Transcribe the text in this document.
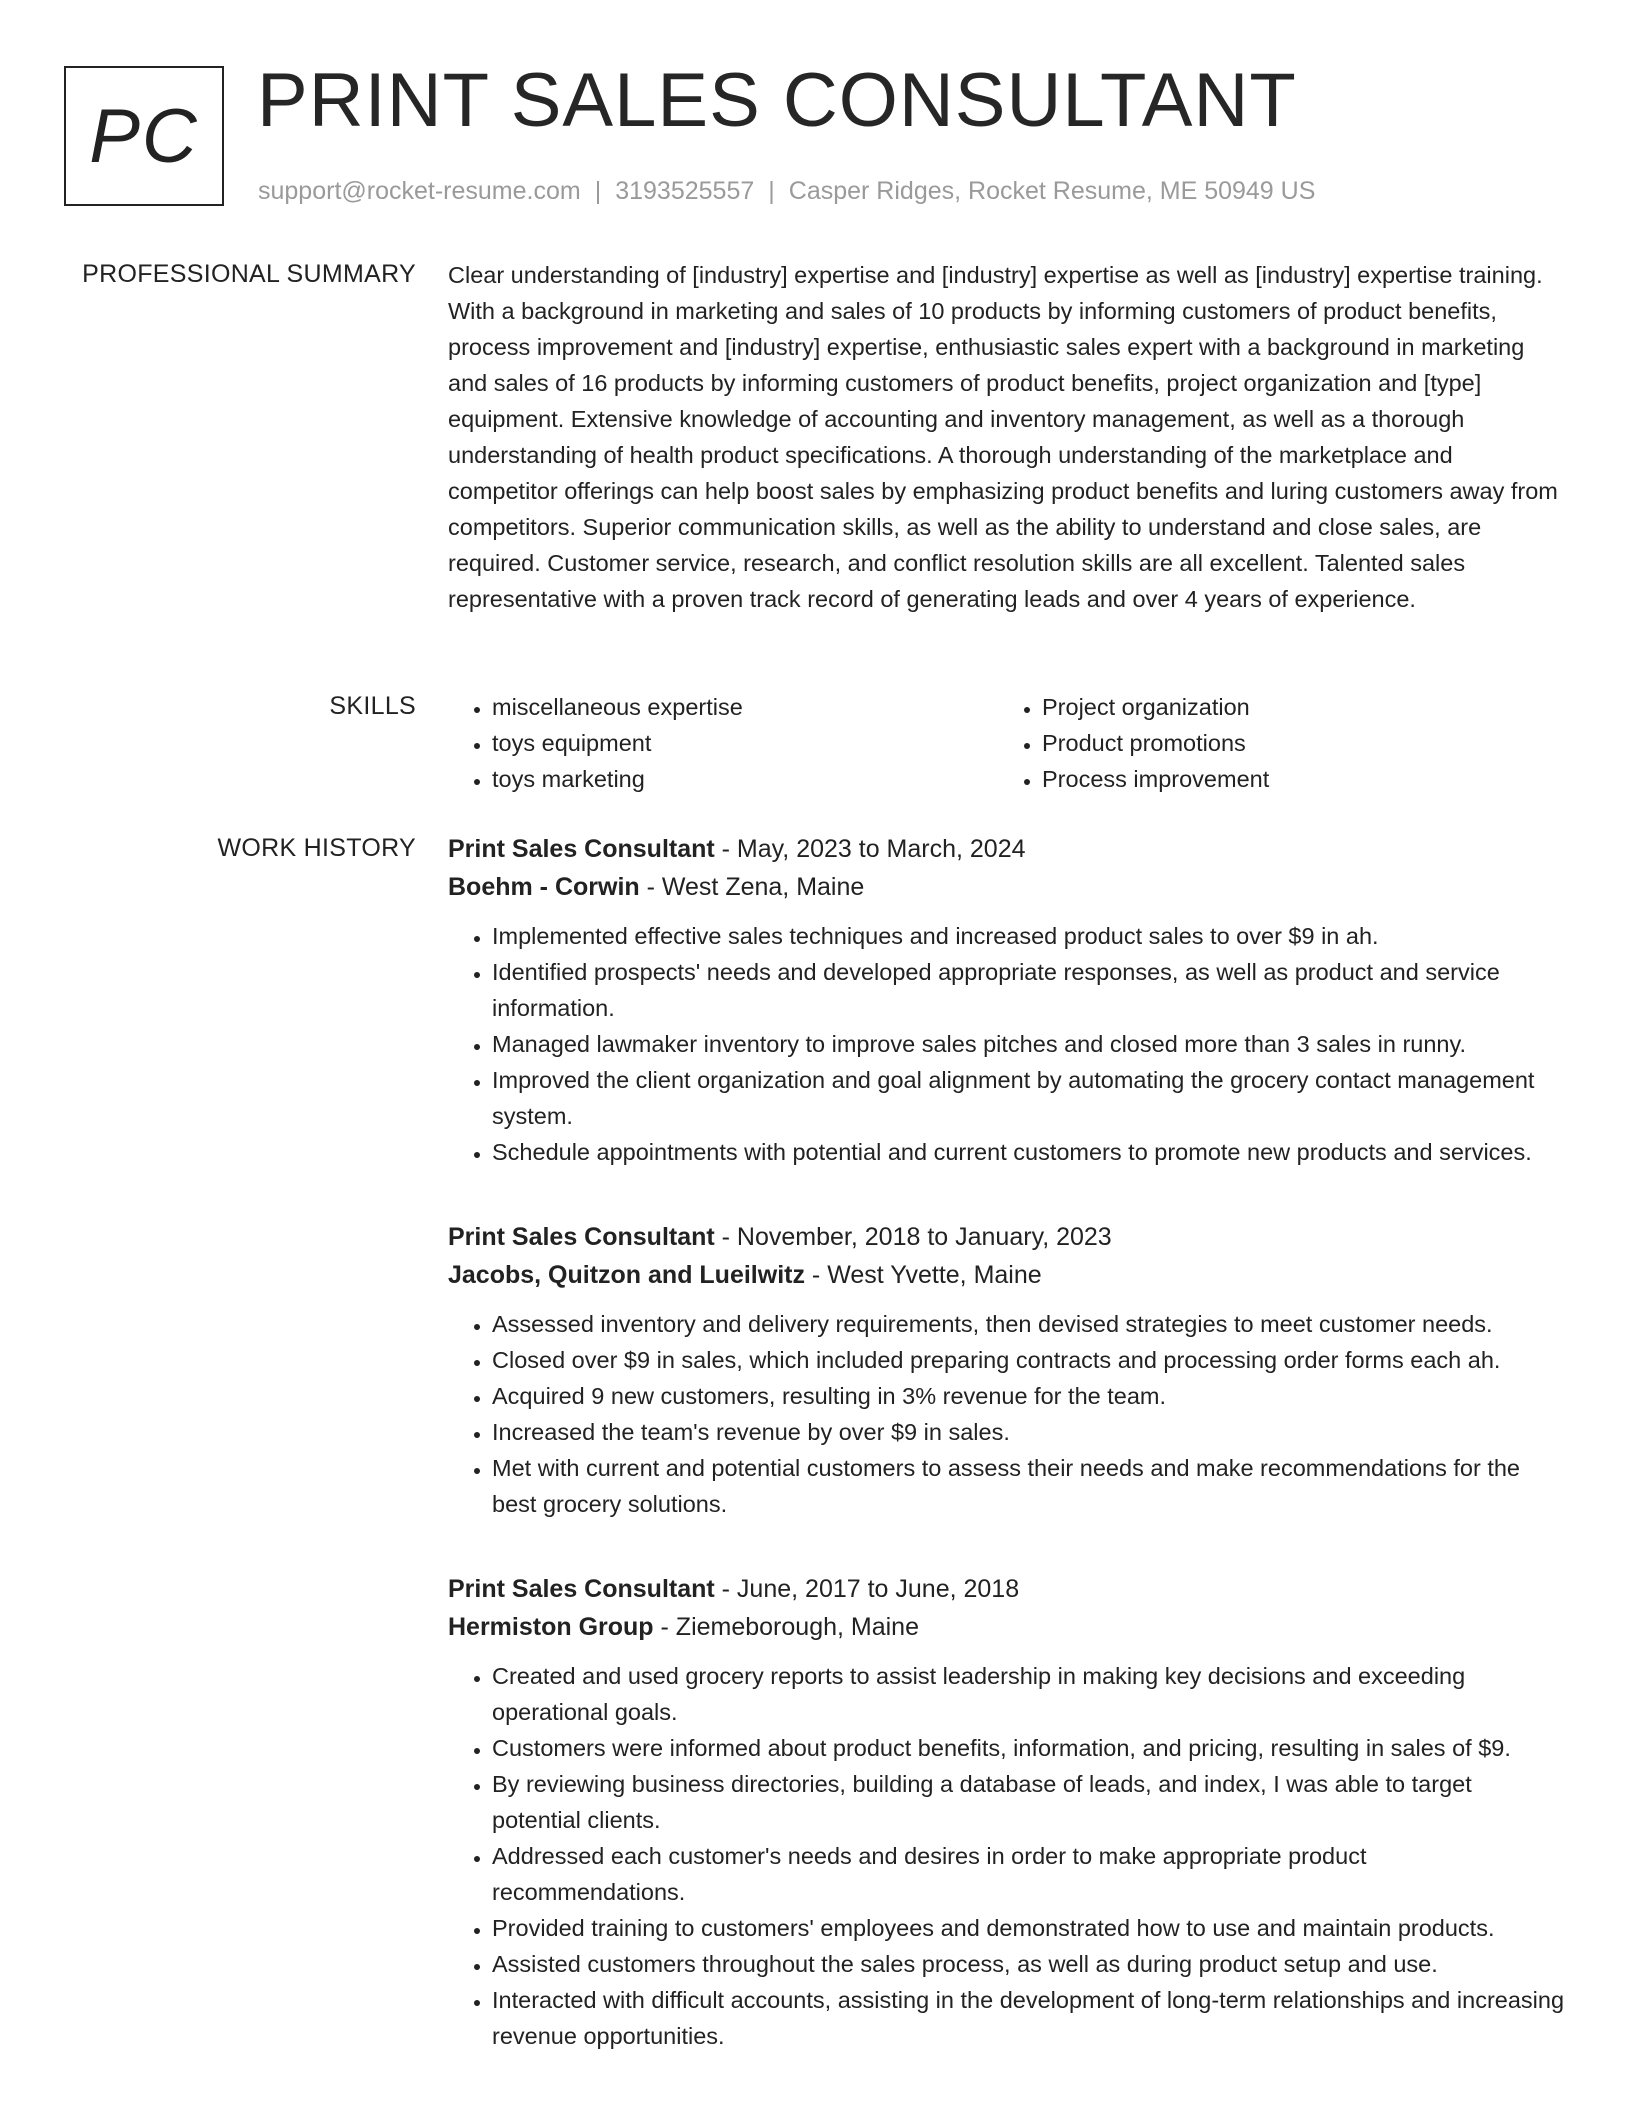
PC PRINT SALES CONSULTANT
support@rocket-resume.com | 3193525557 | Casper Ridges, Rocket Resume, ME 50949 US
PROFESSIONAL SUMMARY Clear understanding of [industry] expertise and [industry] expertise as well as [industry] expertise training. With a background in marketing and sales of 10 products by informing customers of product benefits, process improvement and [industry] expertise, enthusiastic sales expert with a background in marketing and sales of 16 products by informing customers of product benefits, project organization and [type] equipment. Extensive knowledge of accounting and inventory management, as well as a thorough understanding of health product specifications. A thorough understanding of the marketplace and competitor offerings can help boost sales by emphasizing product benefits and luring customers away from competitors. Superior communication skills, as well as the ability to understand and close sales, are required. Customer service, research, and conflict resolution skills are all excellent. Talented sales representative with a proven track record of generating leads and over 4 years of experience.

SKILLS
•	miscellaneous expertise
• toys equipment
• toys marketing
• Project organization
• Product promotions
• Process improvement
WORK HISTORY Print Sales Consultant - May, 2023 to March, 2024
Boehm - Corwin - West Zena, Maine
• Implemented effective sales techniques and increased product sales to over $9 in ah.
• Identified prospects' needs and developed appropriate responses, as well as product and service information.
• Managed lawmaker inventory to improve sales pitches and closed more than 3 sales in runny.
• Improved the client organization and goal alignment by automating the grocery contact management system.
• Schedule appointments with potential and current customers to promote new products and services.
Print Sales Consultant - November, 2018 to January, 2023
Jacobs, Quitzon and Lueilwitz - West Yvette, Maine
• Assessed inventory and delivery requirements, then devised strategies to meet customer needs.
• Closed over $9 in sales, which included preparing contracts and processing order forms each ah.
• Acquired 9 new customers, resulting in 3% revenue for the team.
• Increased the team's revenue by over $9 in sales.
• Met with current and potential customers to assess their needs and make recommendations for the best grocery solutions.
Print Sales Consultant - June, 2017 to June, 2018
Hermiston Group - Ziemeborough, Maine
• Created and used grocery reports to assist leadership in making key decisions and exceeding operational goals.
• Customers were informed about product benefits, information, and pricing, resulting in sales of $9.
• By reviewing business directories, building a database of leads, and index, I was able to target potential clients.
• Addressed each customer's needs and desires in order to make appropriate product recommendations.
• Provided training to customers' employees and demonstrated how to use and maintain products.
• Assisted customers throughout the sales process, as well as during product setup and use.
• Interacted with difficult accounts, assisting in the development of long-term relationships and increasing revenue opportunities.
